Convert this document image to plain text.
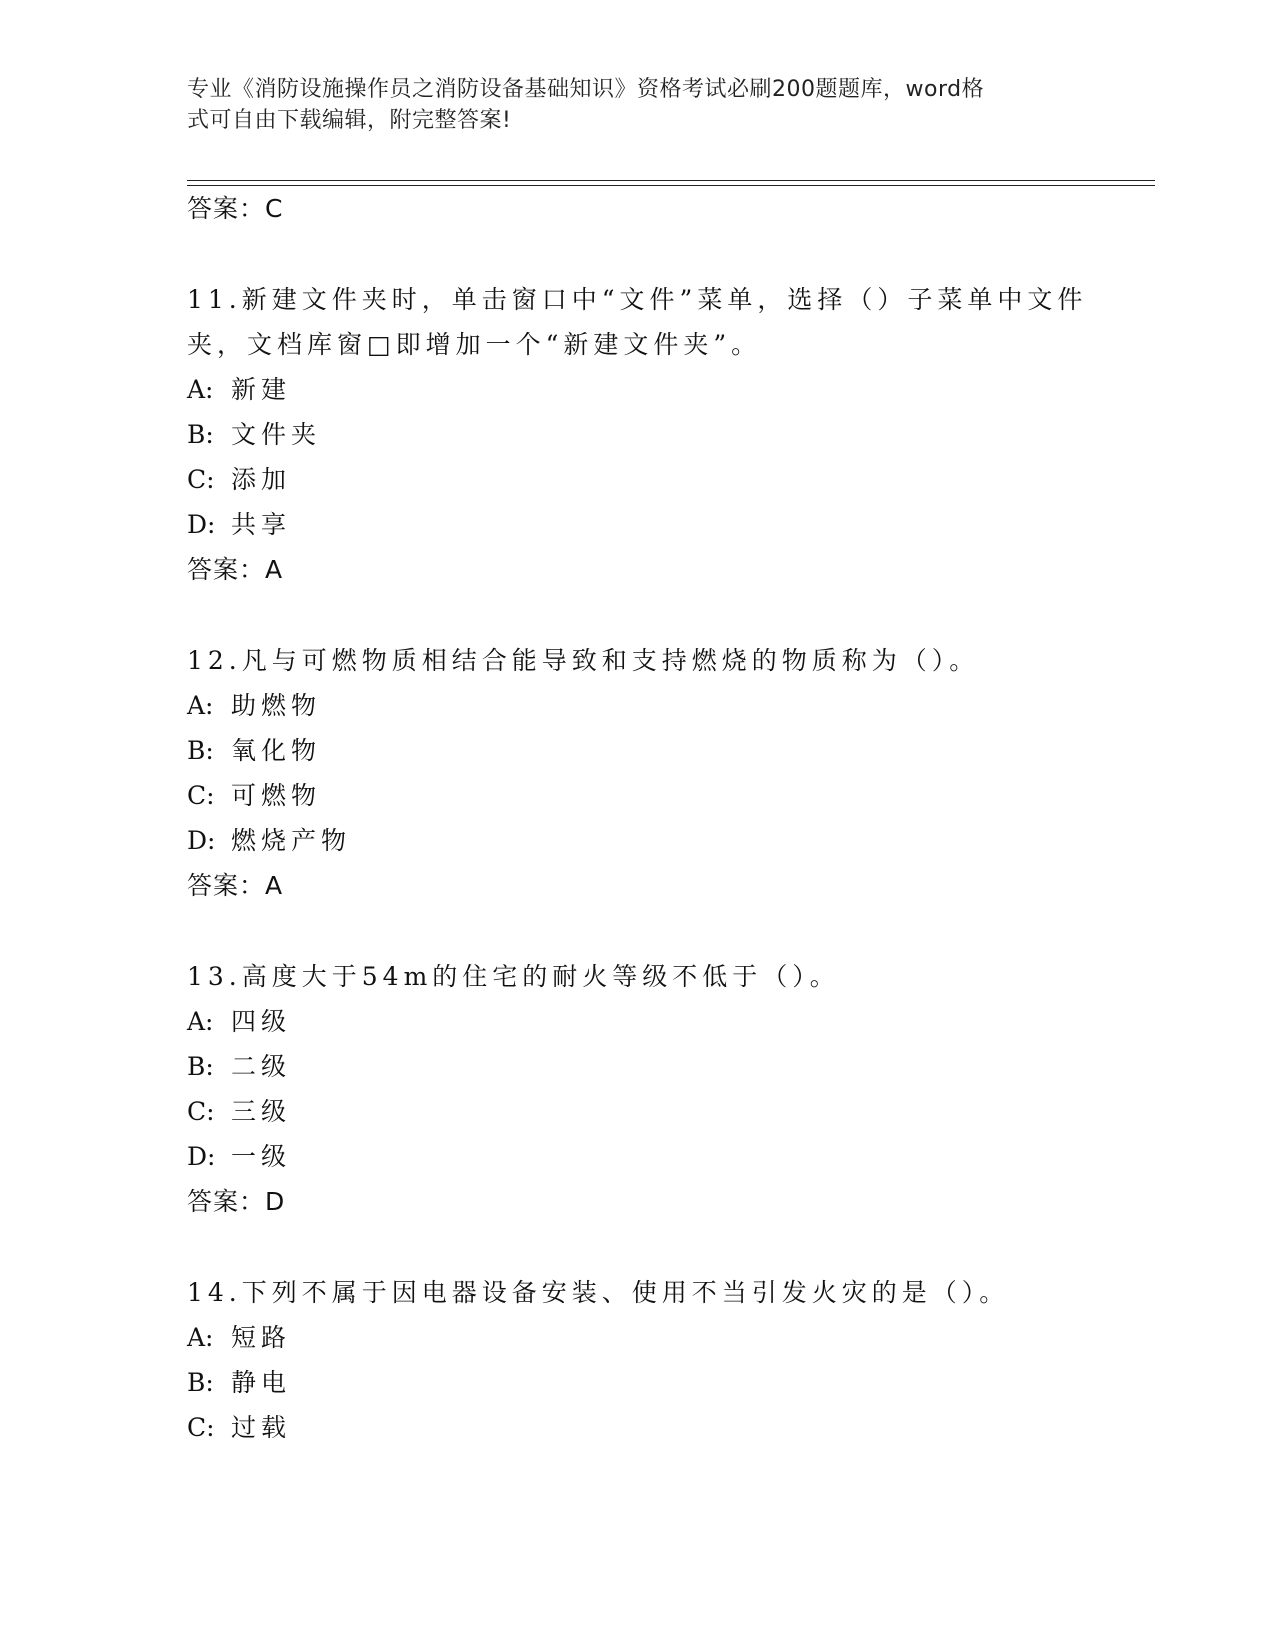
专业《消防设施操作员之消防设备基础知识》资格考试必刷200题题库，word格
式可自由下载编辑，附完整答案!
答案：C
11.新建文件夹时，单击窗口中“文件”菜单，选择（）子菜单中文件
夹，文档库窗□即增加一个“新建文件夹”。
A: 新建
B: 文件夹
C: 添加
D: 共享
答案：A
12.凡与可燃物质相结合能导致和支持燃烧的物质称为（）。
A: 助燃物
B: 氧化物
C: 可燃物
D: 燃烧产物
答案：A
13.高度大于54m的住宅的耐火等级不低于（）。
A: 四级
B: 二级
C: 三级
D: 一级
答案：D
14.下列不属于因电器设备安装、使用不当引发火灾的是（）。
A: 短路
B: 静电
C: 过载
